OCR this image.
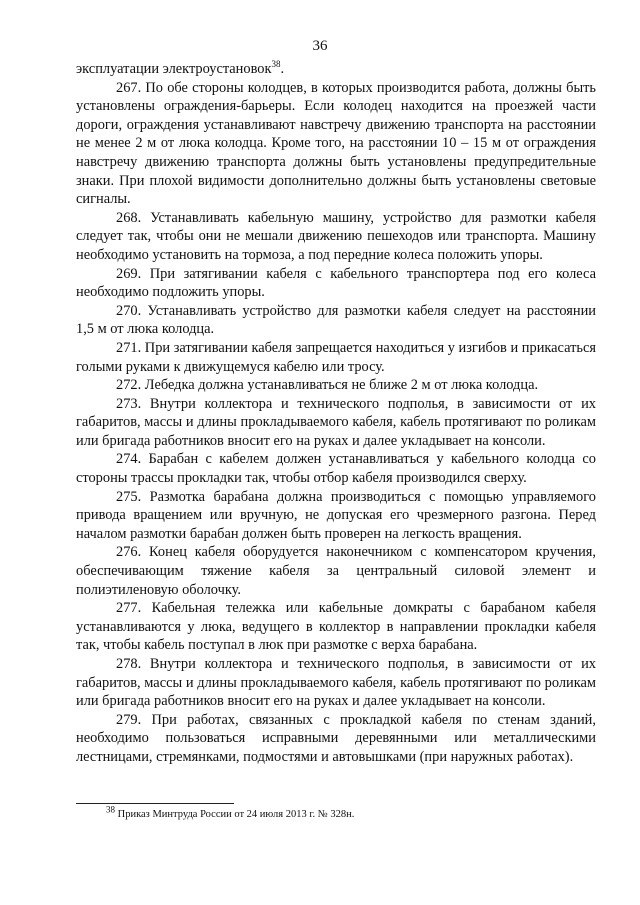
36

эксплуатации электроустановок$^{38}$.

267. По обе стороны колодцев, в которых производится работа, должны быть установлены ограждения-барьеры. Если колодец находится на проезжей части дороги, ограждения устанавливают навстречу движению транспорта на расстоянии не менее 2 м от люка колодца. Кроме того, на расстоянии 10 – 15 м от ограждения навстречу движению транспорта должны быть установлены предупредительные знаки. При плохой видимости дополнительно должны быть установлены световые сигналы.

268. Устанавливать кабельную машину, устройство для размотки кабеля следует так, чтобы они не мешали движению пешеходов или транспорта. Машину необходимо установить на тормоза, а под передние колеса положить упоры.

269. При затягивании кабеля с кабельного транспортера под его колеса необходимо подложить упоры.

270. Устанавливать устройство для размотки кабеля следует на расстоянии 1,5 м от люка колодца.

271. При затягивании кабеля запрещается находиться у изгибов и прикасаться голыми руками к движущемуся кабелю или тросу.

272. Лебедка должна устанавливаться не ближе 2 м от люка колодца.

273. Внутри коллектора и технического подполья, в зависимости от их габаритов, массы и длины прокладываемого кабеля, кабель протягивают по роликам или бригада работников вносит его на руках и далее укладывает на консоли.

274. Барабан с кабелем должен устанавливаться у кабельного колодца со стороны трассы прокладки так, чтобы отбор кабеля производился сверху.

275. Размотка барабана должна производиться с помощью управляемого привода вращением или вручную, не допуская его чрезмерного разгона. Перед началом размотки барабан должен быть проверен на легкость вращения.

276. Конец кабеля оборудуется наконечником с компенсатором кручения, обеспечивающим тяжение кабеля за центральный силовой элемент и полиэтиленовую оболочку.

277. Кабельная тележка или кабельные домкраты с барабаном кабеля устанавливаются у люка, ведущего в коллектор в направлении прокладки кабеля так, чтобы кабель поступал в люк при размотке с верха барабана.

278. Внутри коллектора и технического подполья, в зависимости от их габаритов, массы и длины прокладываемого кабеля, кабель протягивают по роликам или бригада работников вносит его на руках и далее укладывает на консоли.

279. При работах, связанных с прокладкой кабеля по стенам зданий, необходимо пользоваться исправными деревянными или металлическими лестницами, стремянками, подмостями и автовышками (при наружных работах).

$^{38}$ Приказ Минтруда России от 24 июля 2013 г. № 328н.
